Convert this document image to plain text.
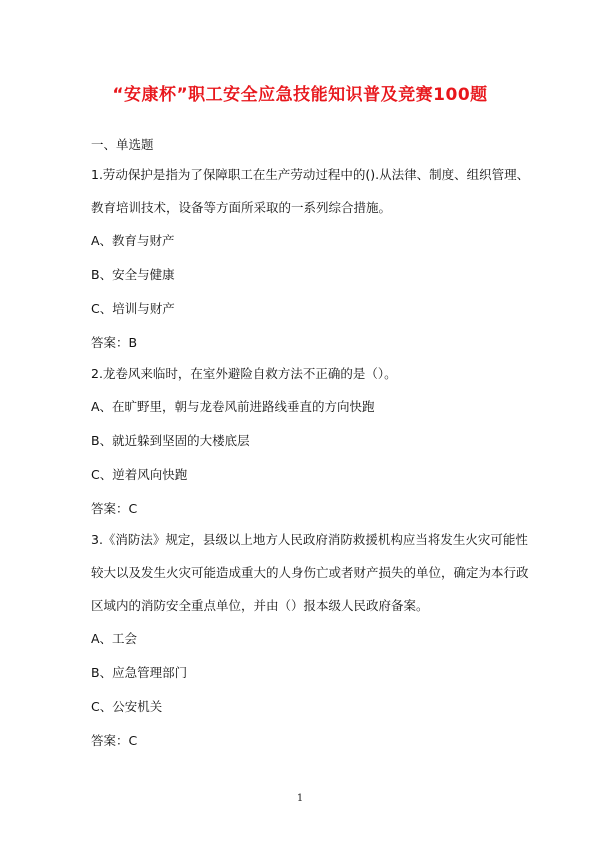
“安康杯”职工安全应急技能知识普及竞赛100题

一、单选题

1.劳动保护是指为了保障职工在生产劳动过程中的().从法律、制度、组织管理、

教育培训技术，设备等方面所采取的一系列综合措施。

A、教育与财产

B、安全与健康

C、培训与财产

答案：B

2.龙卷风来临时，在室外避险自救方法不正确的是（）。

A、在旷野里，朝与龙卷风前进路线垂直的方向快跑

B、就近躲到坚固的大楼底层

C、逆着风向快跑

答案：C

3.《消防法》规定，县级以上地方人民政府消防救援机构应当将发生火灾可能性

较大以及发生火灾可能造成重大的人身伤亡或者财产损失的单位，确定为本行政

区域内的消防安全重点单位，并由（）报本级人民政府备案。

A、工会

B、应急管理部门

C、公安机关

答案：C

1
